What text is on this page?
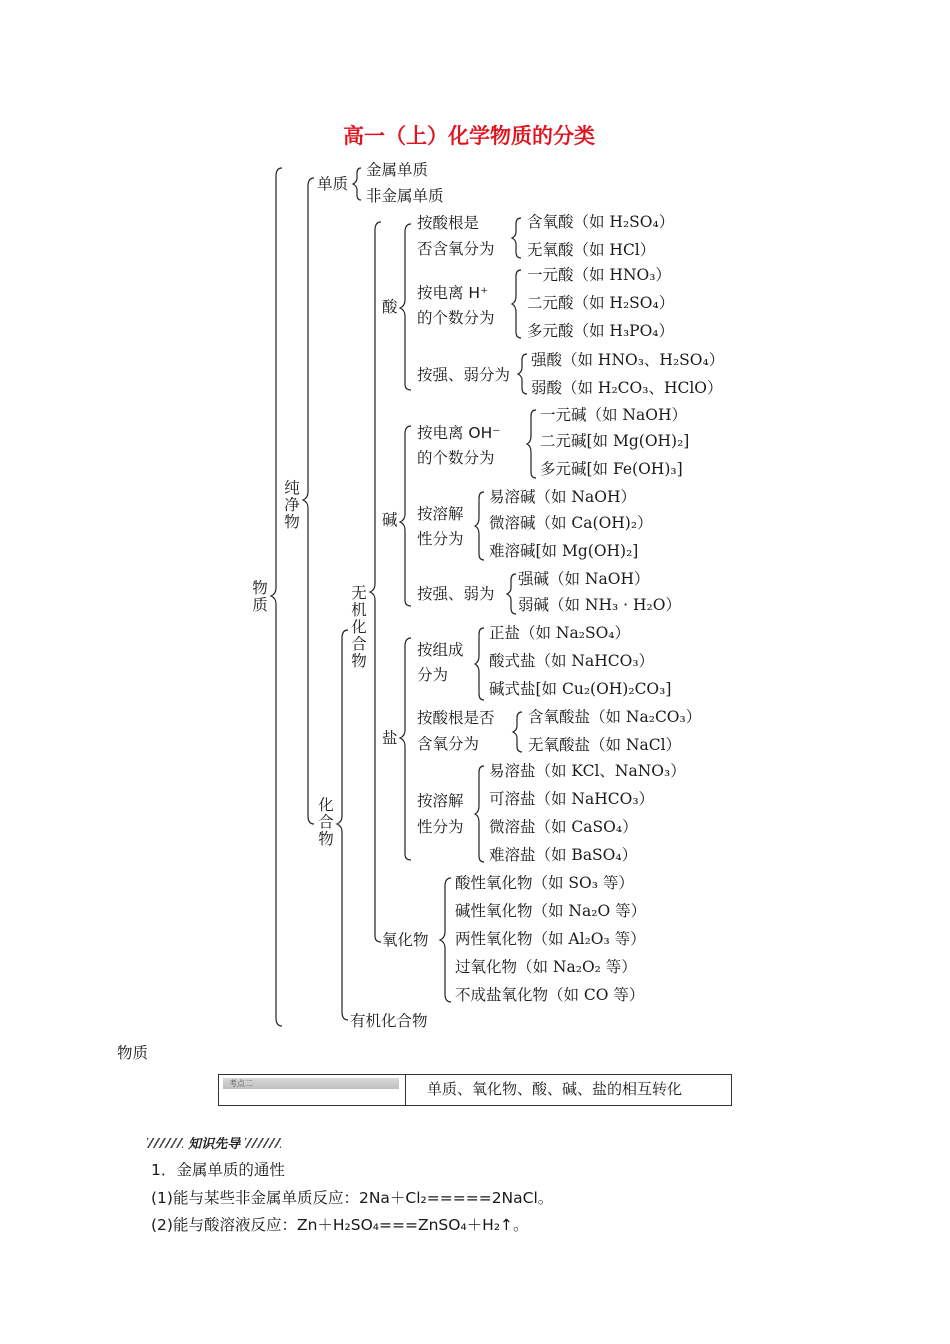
高一（上）化学物质的分类
物质
纯净物
化合物
无机化合物
单质
金属单质
非金属单质
酸
按酸根是
否含氧分为
含氧酸（如 H₂SO₄）
无氧酸（如 HCl）
按电离 H⁺
的个数分为
一元酸（如 HNO₃）
二元酸（如 H₂SO₄）
多元酸（如 H₃PO₄）
按强、弱分为
强酸（如 HNO₃、H₂SO₄）
弱酸（如 H₂CO₃、HClO）
碱
按电离 OH⁻
的个数分为
一元碱（如 NaOH）
二元碱[如 Mg(OH)₂]
多元碱[如 Fe(OH)₃]
按溶解
性分为
易溶碱（如 NaOH）
微溶碱（如 Ca(OH)₂）
难溶碱[如 Mg(OH)₂]
按强、弱为
强碱（如 NaOH）
弱碱（如 NH₃ · H₂O）
盐
按组成
分为
正盐（如 Na₂SO₄）
酸式盐（如 NaHCO₃）
碱式盐[如 Cu₂(OH)₂CO₃]
按酸根是否
含氧分为
含氧酸盐（如 Na₂CO₃）
无氧酸盐（如 NaCl）
按溶解
性分为
易溶盐（如 KCl、NaNO₃）
可溶盐（如 NaHCO₃）
微溶盐（如 CaSO₄）
难溶盐（如 BaSO₄）
氧化物
酸性氧化物（如 SO₃ 等）
碱性氧化物（如 Na₂O 等）
两性氧化物（如 Al₂O₃ 等）
过氧化物（如 Na₂O₂ 等）
不成盐氧化物（如 CO 等）
有机化合物
物质
考点二	单质、氧化物、酸、碱、盐的相互转化
知识先导
1．金属单质的通性
(1)能与某些非金属单质反应：2Na＋Cl₂=====2NaCl。
(2)能与酸溶液反应：Zn＋H₂SO₄===ZnSO₄＋H₂↑。
